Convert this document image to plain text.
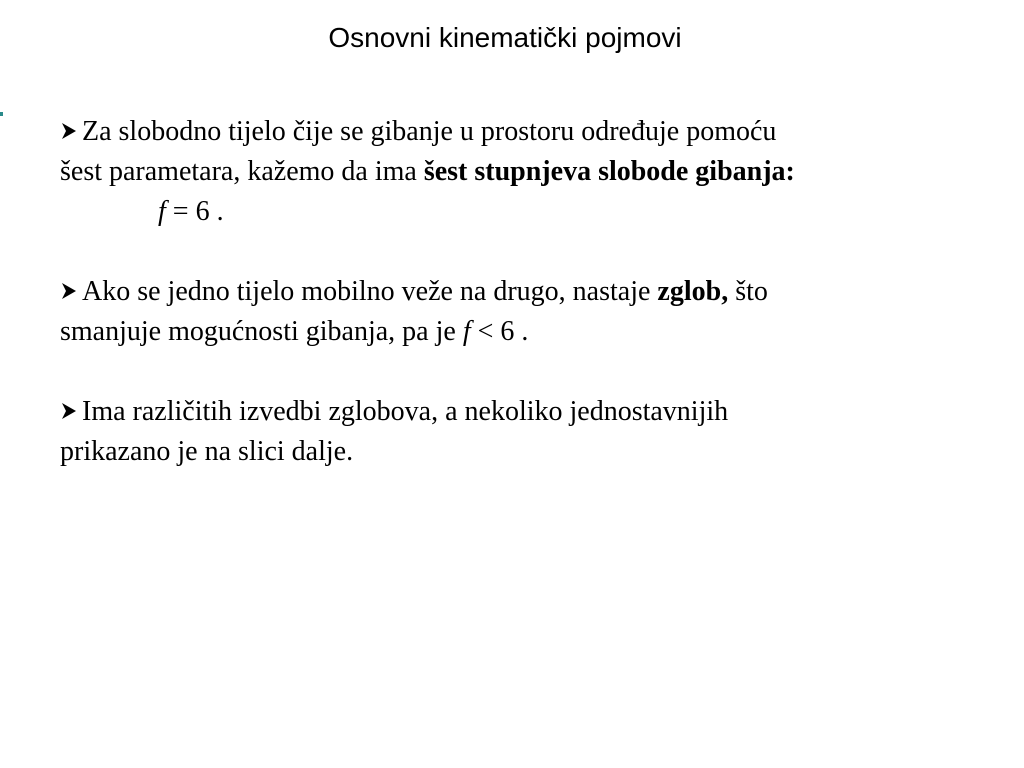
Osnovni kinematički pojmovi
Za slobodno tijelo čije se gibanje u prostoru određuje pomoću
šest parametara, kažemo da ima šest stupnjeva slobode gibanja:
f = 6 .
Ako se jedno tijelo mobilno veže na drugo, nastaje zglob, što
smanjuje mogućnosti gibanja, pa je f < 6 .
Ima različitih izvedbi zglobova, a nekoliko jednostavnijih
prikazano je na slici dalje.
